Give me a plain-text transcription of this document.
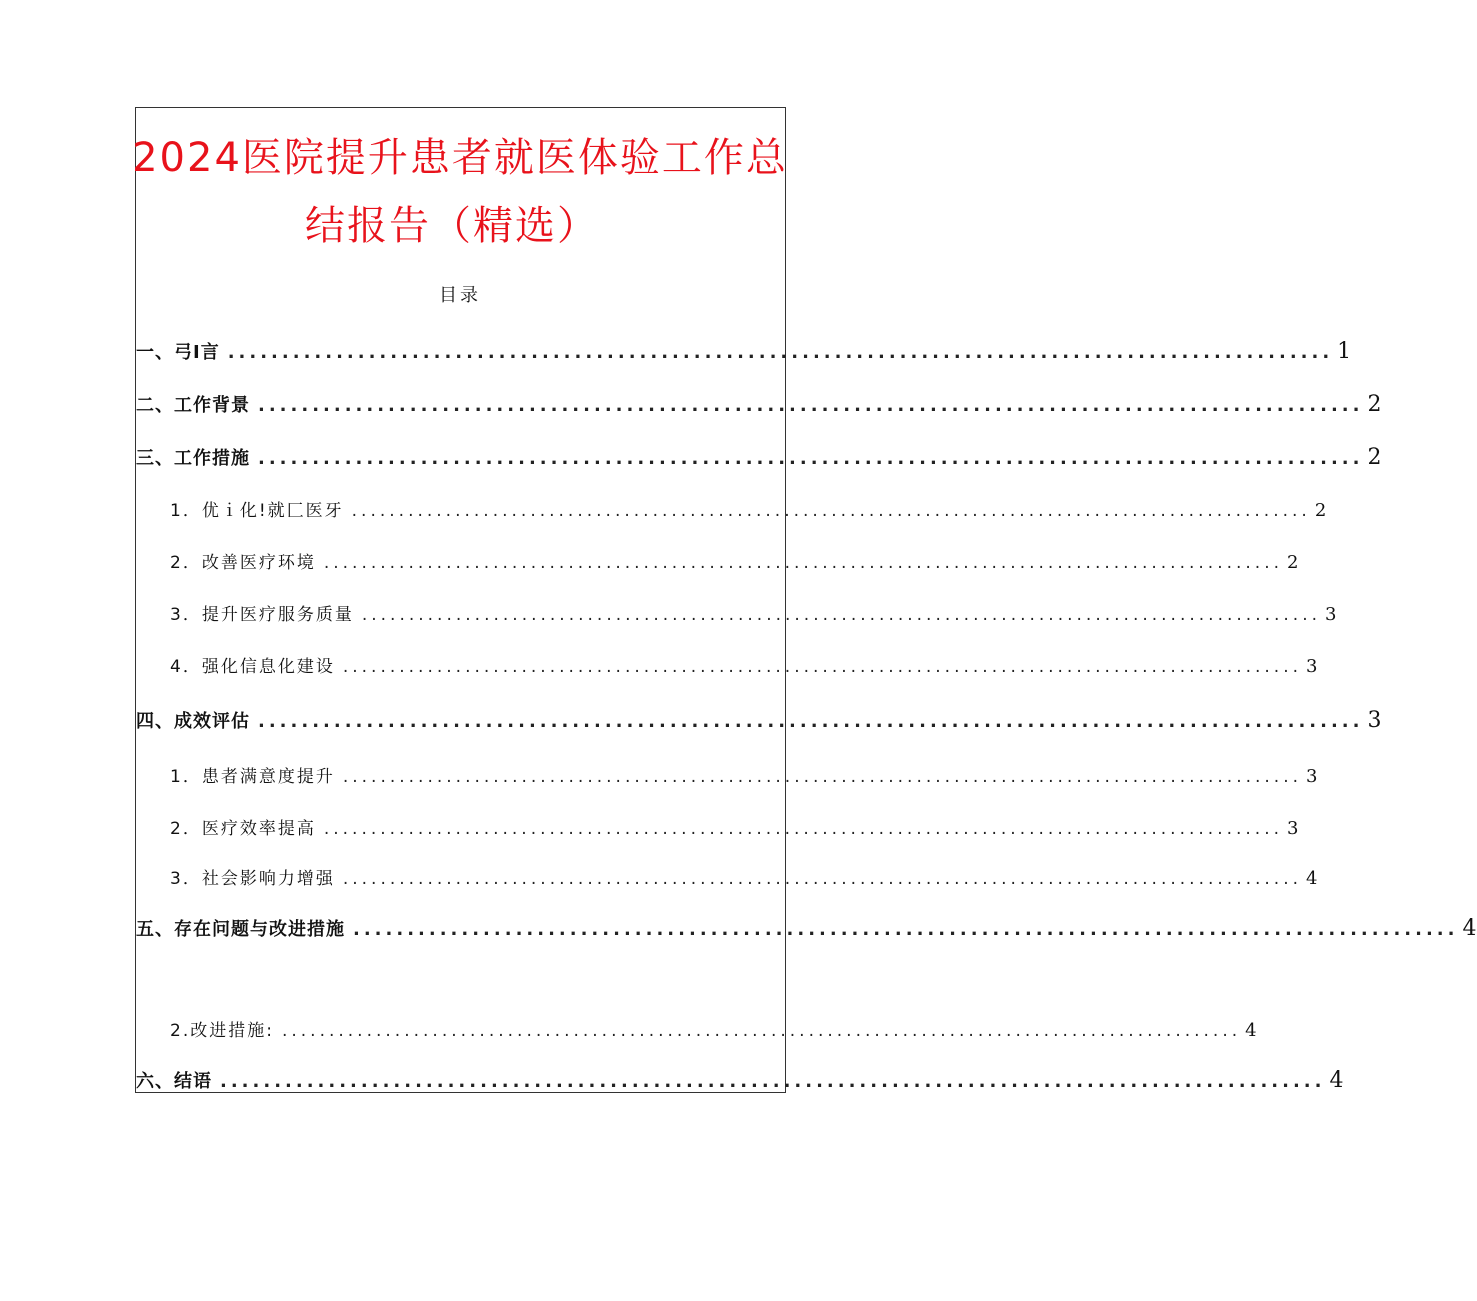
2024医院提升患者就医体验工作总
结报告（精选）
目录
一、弓I言 ...................................................................................................... 1
二、工作背景 ...................................................................................................... 2
三、工作措施 ...................................................................................................... 2
1．优ｉ化!就匚医牙 ...................................................................................................... 2
2．改善医疗环境 ...................................................................................................... 2
3．提升医疗服务质量 ...................................................................................................... 3
4．强化信息化建设 ...................................................................................................... 3
四、成效评估 ...................................................................................................... 3
1．患者满意度提升 ...................................................................................................... 3
2．医疗效率提高 ...................................................................................................... 3
3．社会影响力增强 ...................................................................................................... 4
五、存在问题与改进措施 ...................................................................................................... 4
2.改进措施: ...................................................................................................... 4
六、结语 ...................................................................................................... 4
